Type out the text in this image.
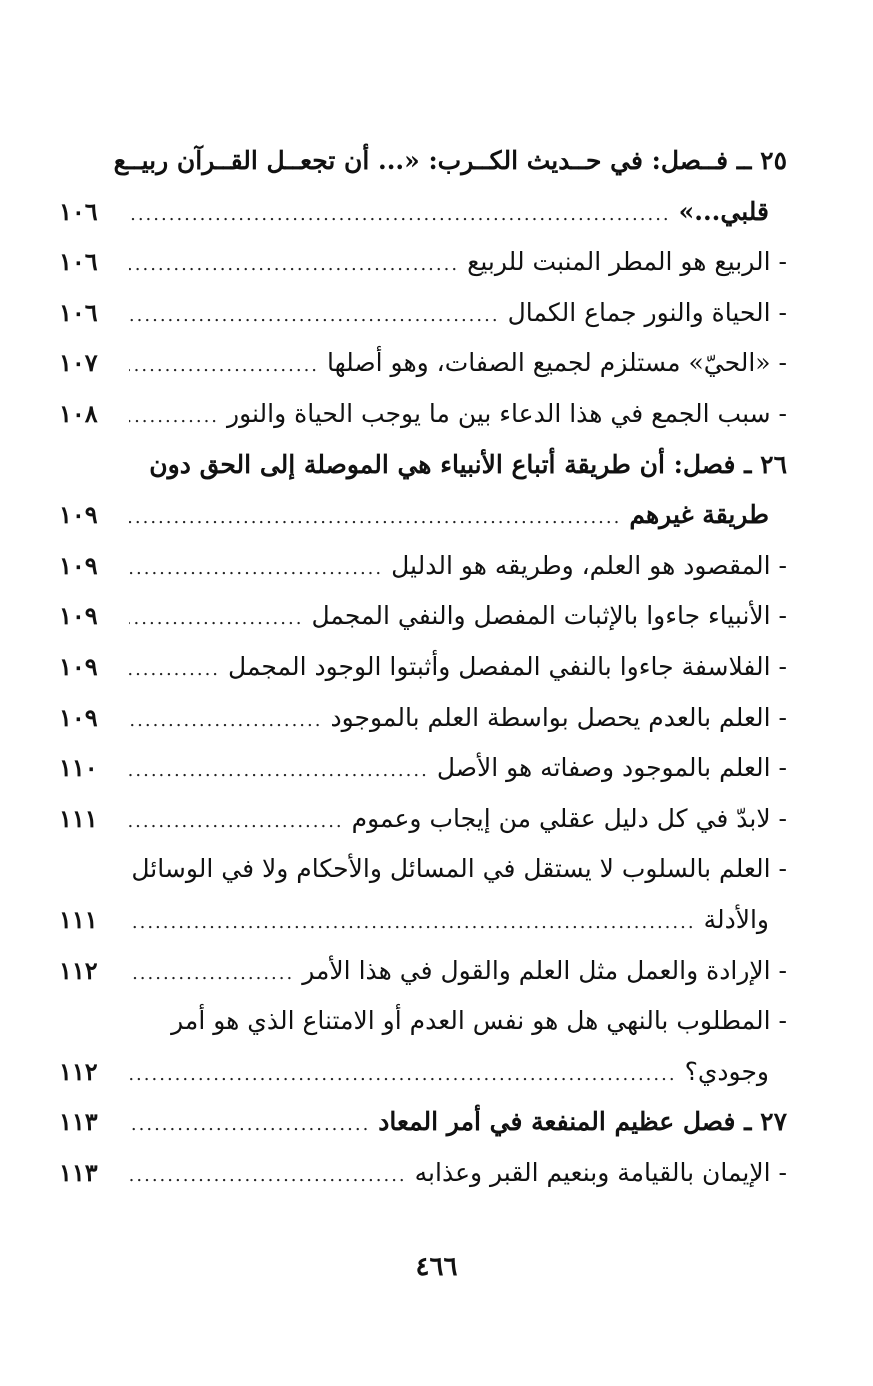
٢٥ ــ فــصل: في حــديث الكــرب: «... أن تجعــل القــرآن ربيــع
قلبي...»
.....
١٠٦
- الربيع هو المطر المنبت للربيع
.....
١٠٦
- الحياة والنور جماع الكمال
.....
١٠٦
- «الحيّ» مستلزم لجميع الصفات، وهو أصلها
.....
١٠٧
- سبب الجمع في هذا الدعاء بين ما يوجب الحياة والنور
.....
١٠٨
٢٦ ـ فصل: أن طريقة أتباع الأنبياء هي الموصلة إلى الحق دون
طريقة غيرهم
.....
١٠٩
- المقصود هو العلم، وطريقه هو الدليل
.....
١٠٩
- الأنبياء جاءوا بالإثبات المفصل والنفي المجمل
.....
١٠٩
- الفلاسفة جاءوا بالنفي المفصل وأثبتوا الوجود المجمل
.....
١٠٩
- العلم بالعدم يحصل بواسطة العلم بالموجود
.....
١٠٩
- العلم بالموجود وصفاته هو الأصل
.....
١١٠
- لابدّ في كل دليل عقلي من إيجاب وعموم
.....
١١١
- العلم بالسلوب لا يستقل في المسائل والأحكام ولا في الوسائل
والأدلة
.....
١١١
- الإرادة والعمل مثل العلم والقول في هذا الأمر
.....
١١٢
- المطلوب بالنهي هل هو نفس العدم أو الامتناع الذي هو أمر
وجودي؟
.....
١١٢
٢٧ ـ فصل عظيم المنفعة في أمر المعاد
.....
١١٣
- الإيمان بالقيامة وبنعيم القبر وعذابه
.....
١١٣
٤٦٦
